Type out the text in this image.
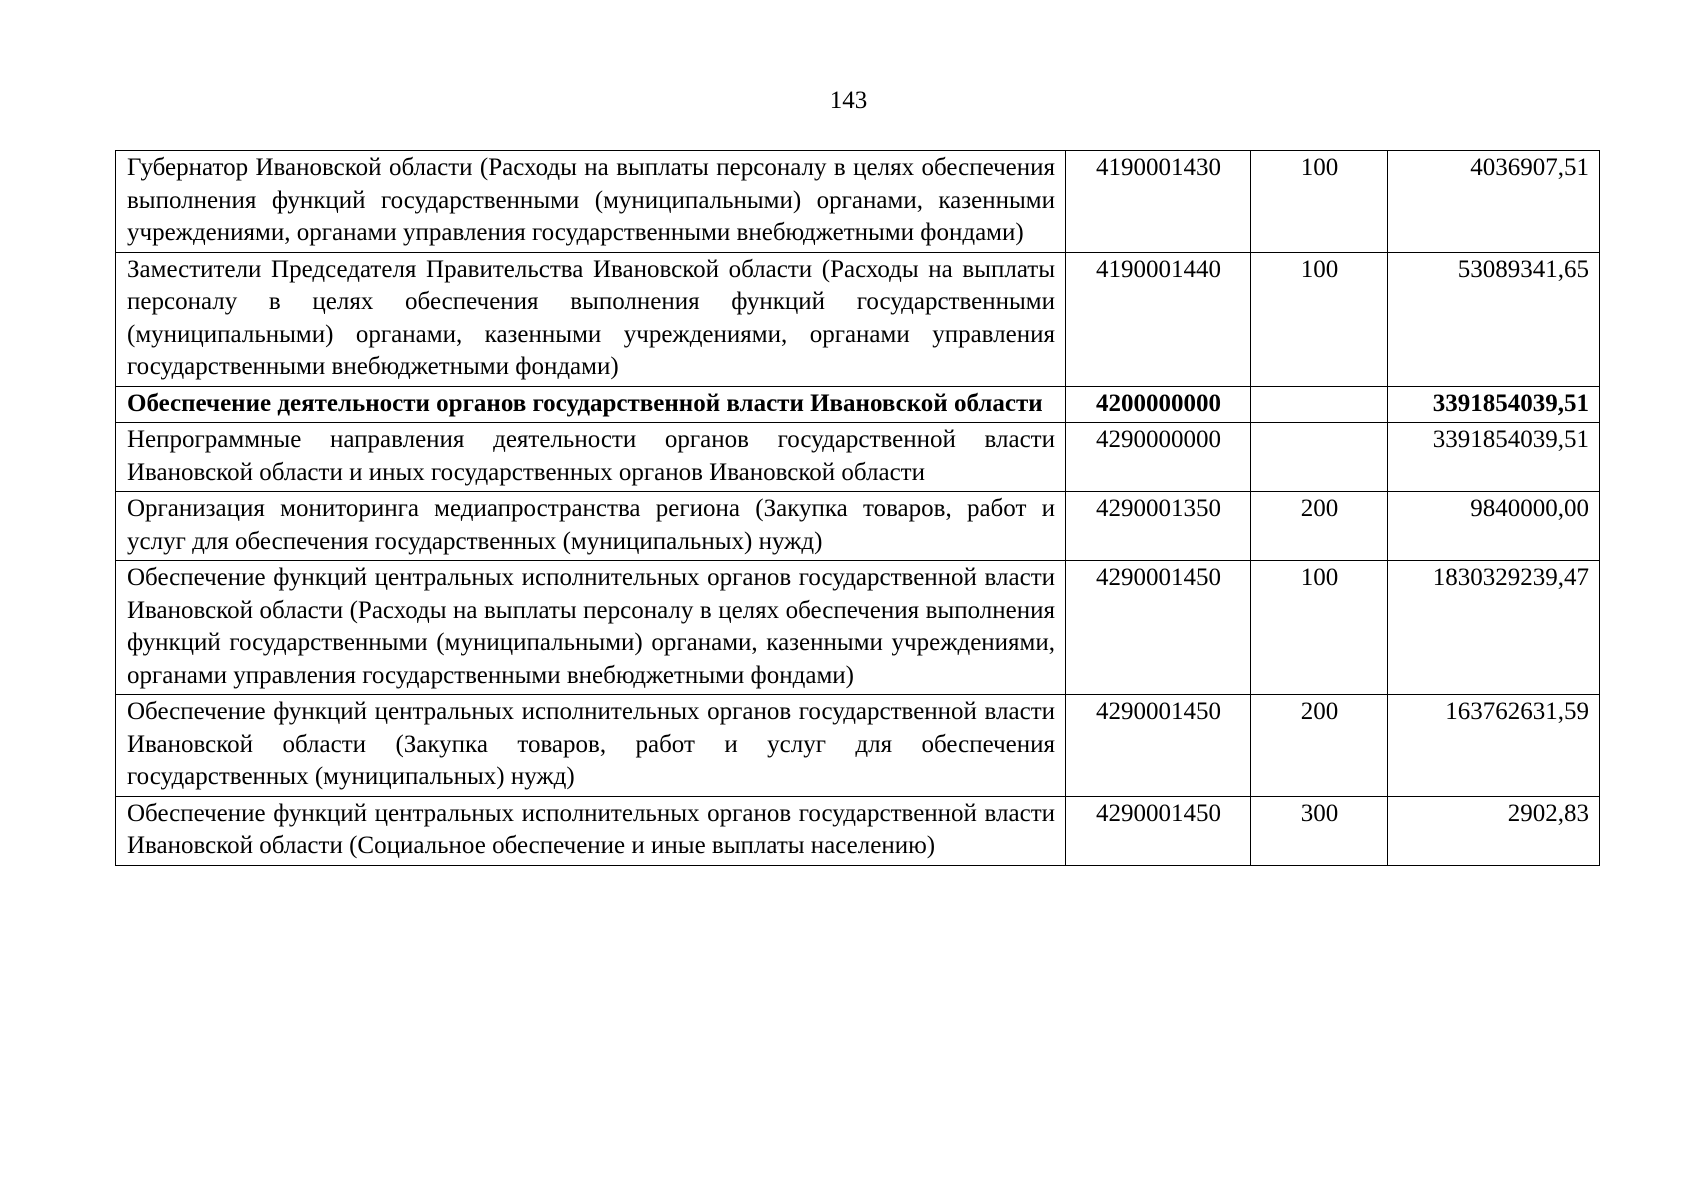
143
Губернатор Ивановской области (Расходы на выплаты персоналу в целях обеспечения выполнения функций государственными (муниципальными) органами, казенными учреждениями, органами управления государственными внебюджетными фондами)	4190001430	100	4036907,51
Заместители Председателя Правительства Ивановской области (Расходы на выплаты персоналу в целях обеспечения выполнения функций государственными (муниципальными) органами, казенными учреждениями, органами управления государственными внебюджетными фондами)	4190001440	100	53089341,65
Обеспечение деятельности органов государственной власти Ивановской области	4200000000		3391854039,51
Непрограммные направления деятельности органов государственной власти Ивановской области и иных государственных органов Ивановской области	4290000000		3391854039,51
Организация мониторинга медиапространства региона (Закупка товаров, работ и услуг для обеспечения государственных (муниципальных) нужд)	4290001350	200	9840000,00
Обеспечение функций центральных исполнительных органов государственной власти Ивановской области (Расходы на выплаты персоналу в целях обеспечения выполнения функций государственными (муниципальными) органами, казенными учреждениями, органами управления государственными внебюджетными фондами)	4290001450	100	1830329239,47
Обеспечение функций центральных исполнительных органов государственной власти Ивановской области (Закупка товаров, работ и услуг для обеспечения государственных (муниципальных) нужд)	4290001450	200	163762631,59
Обеспечение функций центральных исполнительных органов государственной власти Ивановской области (Социальное обеспечение и иные выплаты населению)	4290001450	300	2902,83
